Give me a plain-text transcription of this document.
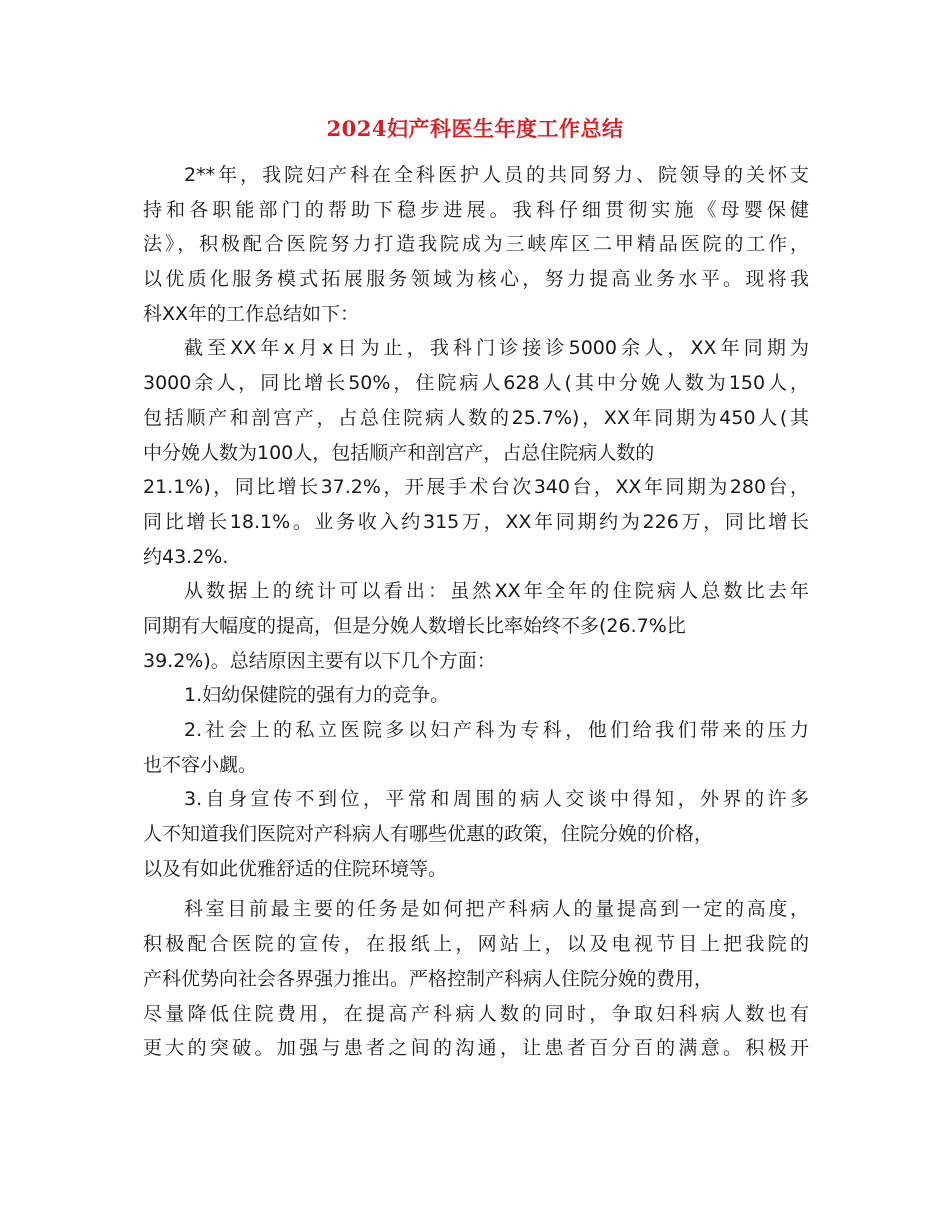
2024妇产科医生年度工作总结
2**年，我院妇产科在全科医护人员的共同努力、院领导的关怀支
持和各职能部门的帮助下稳步进展。我科仔细贯彻实施《母婴保健
法》，积极配合医院努力打造我院成为三峡库区二甲精品医院的工作，
以优质化服务模式拓展服务领域为核心，努力提高业务水平。现将我
科XX年的工作总结如下：
截至XX年x月x日为止，我科门诊接诊5000余人，XX年同期为
3000余人，同比增长50%，住院病人628人(其中分娩人数为150人，
包括顺产和剖宫产，占总住院病人数的25.7%)，XX年同期为450人(其
中分娩人数为100人，包括顺产和剖宫产，占总住院病人数的
21.1%)，同比增长37.2%，开展手术台次340台，XX年同期为280台，
同比增长18.1%。业务收入约315万，XX年同期约为226万，同比增长
约43.2%.
从数据上的统计可以看出：虽然XX年全年的住院病人总数比去年
同期有大幅度的提高，但是分娩人数增长比率始终不多(26.7%比
39.2%)。总结原因主要有以下几个方面：
1.妇幼保健院的强有力的竞争。
2.社会上的私立医院多以妇产科为专科，他们给我们带来的压力
也不容小觑。
3.自身宣传不到位，平常和周围的病人交谈中得知，外界的许多
人不知道我们医院对产科病人有哪些优惠的政策，住院分娩的价格，
以及有如此优雅舒适的住院环境等。
科室目前最主要的任务是如何把产科病人的量提高到一定的高度，
积极配合医院的宣传，在报纸上，网站上，以及电视节目上把我院的
产科优势向社会各界强力推出。严格控制产科病人住院分娩的费用，
尽量降低住院费用，在提高产科病人数的同时，争取妇科病人数也有
更大的突破。加强与患者之间的沟通，让患者百分百的满意。积极开
